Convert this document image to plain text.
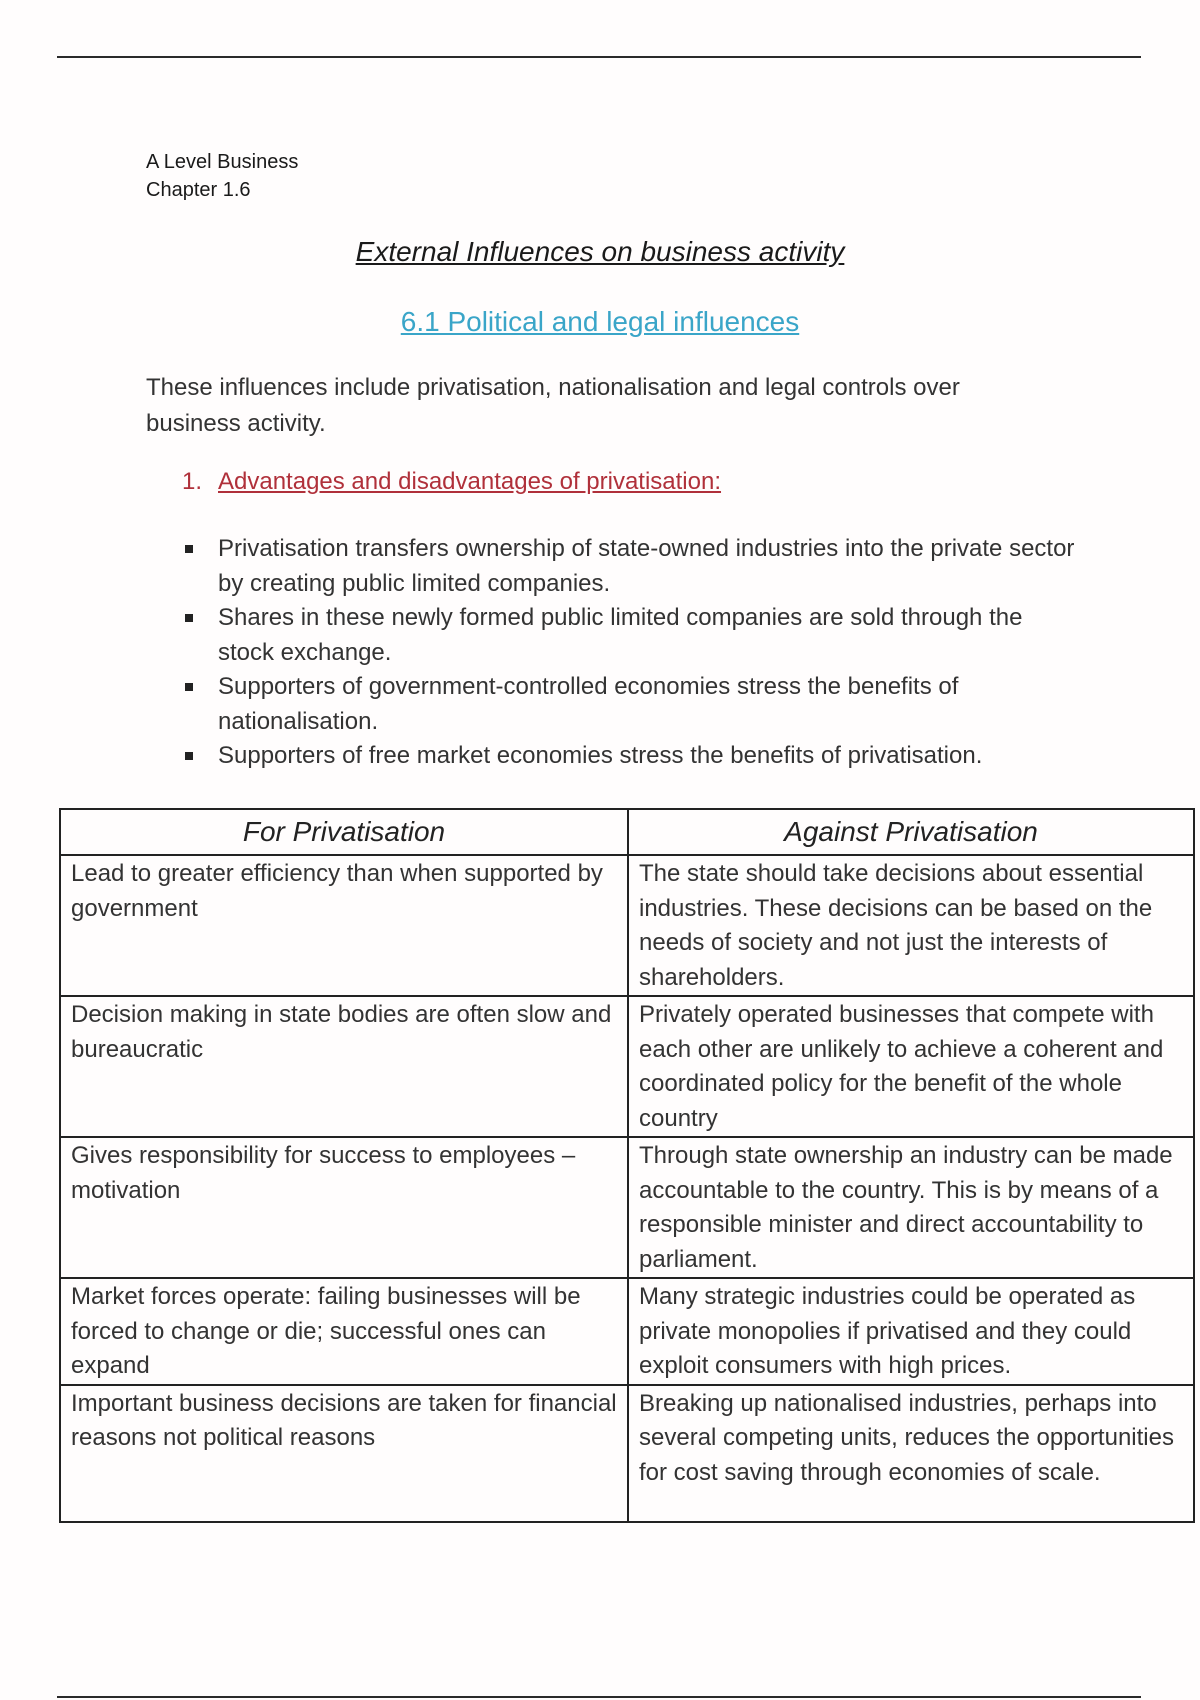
A Level Business
Chapter 1.6
External Influences on business activity
6.1 Political and legal influences
These influences include privatisation, nationalisation and legal controls over business activity.
1. Advantages and disadvantages of privatisation:
Privatisation transfers ownership of state-owned industries into the private sector by creating public limited companies.
Shares in these newly formed public limited companies are sold through the stock exchange.
Supporters of government-controlled economies stress the benefits of nationalisation.
Supporters of free market economies stress the benefits of privatisation.
For Privatisation	Against Privatisation
Lead to greater efficiency than when supported by government	The state should take decisions about essential industries. These decisions can be based on the needs of society and not just the interests of shareholders.
Decision making in state bodies are often slow and bureaucratic	Privately operated businesses that compete with each other are unlikely to achieve a coherent and coordinated policy for the benefit of the whole country
Gives responsibility for success to employees – motivation	Through state ownership an industry can be made accountable to the country. This is by means of a responsible minister and direct accountability to parliament.
Market forces operate: failing businesses will be forced to change or die; successful ones can expand	Many strategic industries could be operated as private monopolies if privatised and they could exploit consumers with high prices.
Important business decisions are taken for financial reasons not political reasons	Breaking up nationalised industries, perhaps into several competing units, reduces the opportunities for cost saving through economies of scale.
